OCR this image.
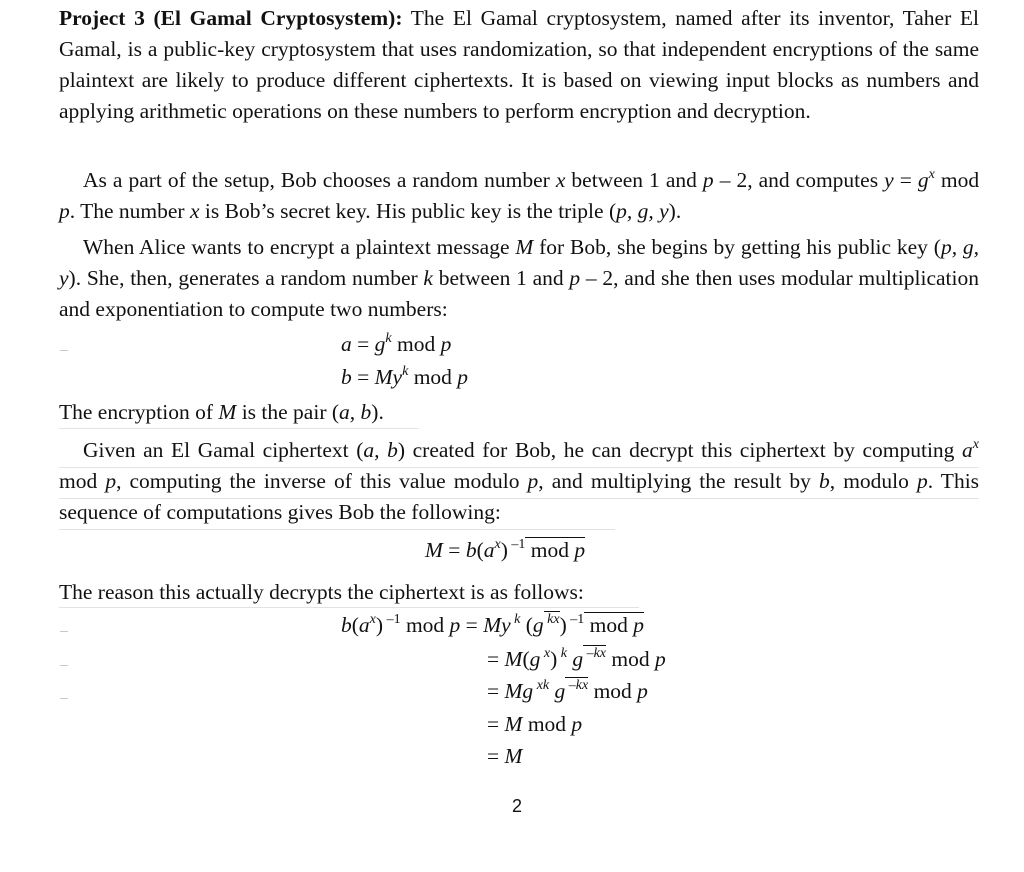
Project 3 (El Gamal Cryptosystem): The El Gamal cryptosystem, named after its inventor, Taher El Gamal, is a public-key cryptosystem that uses randomization, so that independent encryptions of the same plaintext are likely to produce different ciphertexts. It is based on viewing input blocks as numbers and applying arithmetic operations on these numbers to perform encryption and decryption.

As a part of the setup, Bob chooses a random number x between 1 and p – 2, and computes $y = g^x$ mod p. The number x is Bob’s secret key. His public key is the triple (p, g, y).

When Alice wants to encrypt a plaintext message M for Bob, she begins by getting his public key (p, g, y). She, then, generates a random number k between 1 and p – 2, and she then uses modular multiplication and exponentiation to compute two numbers:

$a = g^k$ mod p
$b = My^k$ mod p

The encryption of M is the pair (a, b).

Given an El Gamal ciphertext (a, b) created for Bob, he can decrypt this ciphertext by computing $a^x$ mod p, computing the inverse of this value modulo p, and multiplying the result by b, modulo p. This sequence of computations gives Bob the following:

$M = b(a^x)$ $^{-1}$ mod p

The reason this actually decrypts the ciphertext is as follows:

$b(a^x)$ $^{-1}$ mod p = My $^k$ (g $^{kx}$) $^{-1}$ mod p
= M(g $^x$) $^k$ g $^{-kx}$ mod p
= Mg $^{xk}$ g $^{-kx}$ mod p
= M mod p
= M
2
